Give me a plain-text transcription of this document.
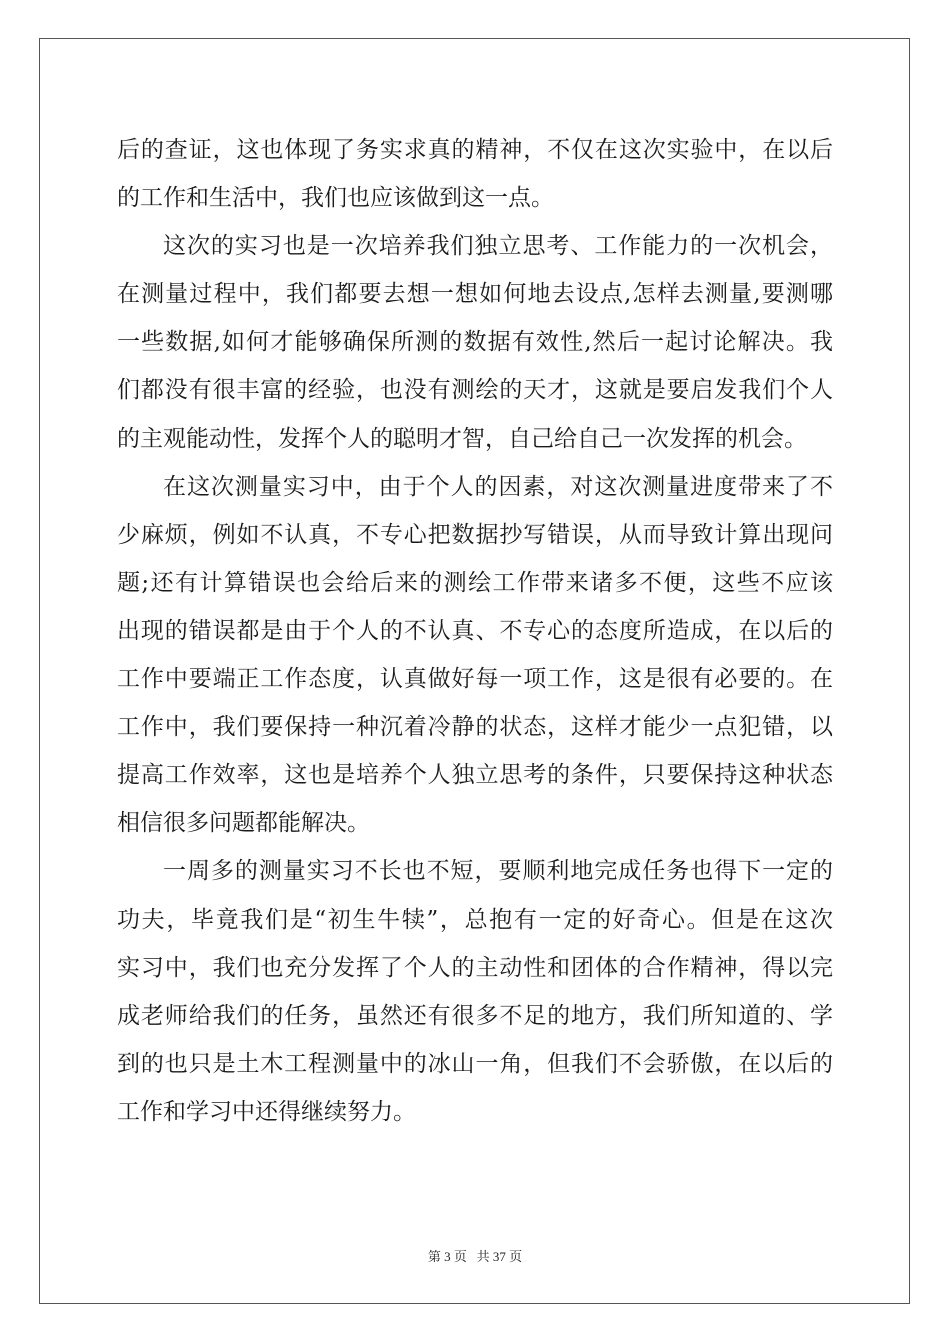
后的查证，这也体现了务实求真的精神，不仅在这次实验中，在以后
的工作和生活中，我们也应该做到这一点。
这次的实习也是一次培养我们独立思考、工作能力的一次机会，
在测量过程中，我们都要去想一想如何地去设点,怎样去测量,要测哪
一些数据,如何才能够确保所测的数据有效性,然后一起讨论解决。我
们都没有很丰富的经验，也没有测绘的天才，这就是要启发我们个人
的主观能动性，发挥个人的聪明才智，自己给自己一次发挥的机会。
在这次测量实习中，由于个人的因素，对这次测量进度带来了不
少麻烦，例如不认真，不专心把数据抄写错误，从而导致计算出现问
题;还有计算错误也会给后来的测绘工作带来诸多不便，这些不应该
出现的错误都是由于个人的不认真、不专心的态度所造成，在以后的
工作中要端正工作态度，认真做好每一项工作，这是很有必要的。在
工作中，我们要保持一种沉着冷静的状态，这样才能少一点犯错，以
提高工作效率，这也是培养个人独立思考的条件，只要保持这种状态
相信很多问题都能解决。
一周多的测量实习不长也不短，要顺利地完成任务也得下一定的
功夫，毕竟我们是“初生牛犊”，总抱有一定的好奇心。但是在这次
实习中，我们也充分发挥了个人的主动性和团体的合作精神，得以完
成老师给我们的任务，虽然还有很多不足的地方，我们所知道的、学
到的也只是土木工程测量中的冰山一角，但我们不会骄傲，在以后的
工作和学习中还得继续努力。
第 3 页   共 37 页
